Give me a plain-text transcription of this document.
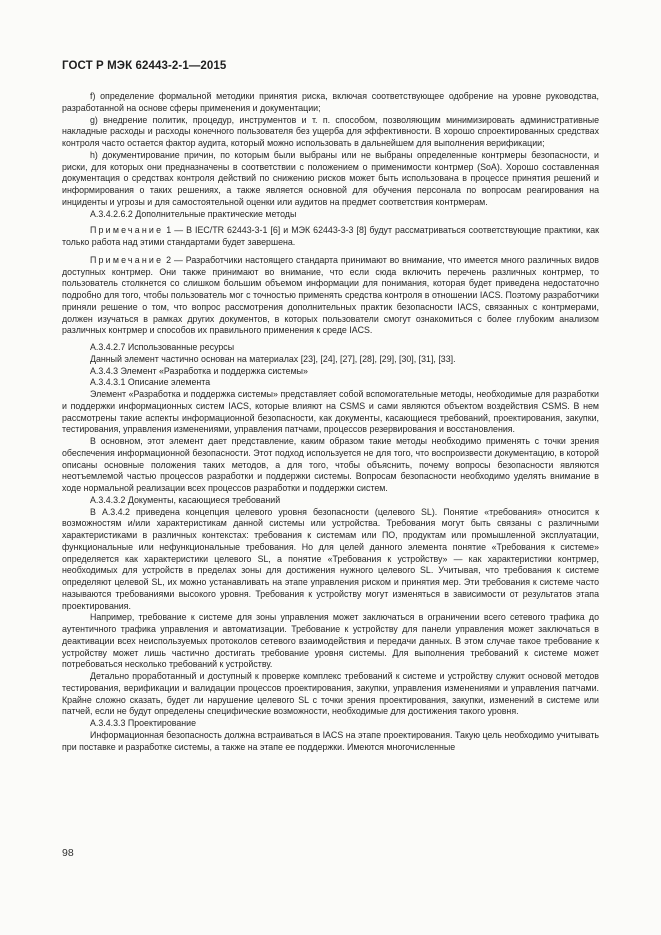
ГОСТ Р МЭК 62443-2-1—2015

f) определение формальной методики принятия риска, включая соответствующее одобрение на уровне руководства, разработанной на основе сферы применения и документации;

g) внедрение политик, процедур, инструментов и т. п. способом, позволяющим минимизировать административные накладные расходы и расходы конечного пользователя без ущерба для эффективности. В хорошо спроектированных средствах контроля часто остается фактор аудита, который можно использовать в дальнейшем для выполнения верификации;

h) документирование причин, по которым были выбраны или не выбраны определенные контрмеры безопасности, и риски, для которых они предназначены в соответствии с положением о применимости контрмер (SoA). Хорошо составленная документация о средствах контроля действий по снижению рисков может быть использована в процессе принятия решений и информирования о таких решениях, а также является основной для обучения персонала по вопросам реагирования на инциденты и угрозы и для самостоятельной оценки или аудитов на предмет соответствия контрмерам.

A.3.4.2.6.2 Дополнительные практические методы

Примечание 1 — В IEC/TR 62443-3-1 [6] и МЭК 62443-3-3 [8] будут рассматриваться соответствующие практики, как только работа над этими стандартами будет завершена.

Примечание 2 — Разработчики настоящего стандарта принимают во внимание, что имеется много различных видов доступных контрмер. Они также принимают во внимание, что если сюда включить перечень различных контрмер, то пользователь столкнется со слишком большим объемом информации для понимания, которая будет приведена недостаточно подробно для того, чтобы пользователь мог с точностью применять средства контроля в отношении IACS. Поэтому разработчики приняли решение о том, что вопрос рассмотрения дополнительных практик безопасности IACS, связанных с контрмерами, должен изучаться в рамках других документов, в которых пользователи смогут ознакомиться с более глубоким анализом различных контрмер и способов их правильного применения к среде IACS.

A.3.4.2.7 Использованные ресурсы

Данный элемент частично основан на материалах [23], [24], [27], [28], [29], [30], [31], [33].

A.3.4.3 Элемент «Разработка и поддержка системы»

A.3.4.3.1 Описание элемента

Элемент «Разработка и поддержка системы» представляет собой вспомогательные методы, необходимые для разработки и поддержки информационных систем IACS, которые влияют на CSMS и сами являются объектом воздействия CSMS. В нем рассмотрены такие аспекты информационной безопасности, как документы, касающиеся требований, проектирования, закупки, тестирования, управления изменениями, управления патчами, процессов резервирования и восстановления.

В основном, этот элемент дает представление, каким образом такие методы необходимо применять с точки зрения обеспечения информационной безопасности. Этот подход используется не для того, что воспроизвести документацию, в которой описаны основные положения таких методов, а для того, чтобы объяснить, почему вопросы безопасности являются неотъемлемой частью процессов разработки и поддержки системы. Вопросам безопасности необходимо уделять внимание в ходе нормальной реализации всех процессов разработки и поддержки систем.

A.3.4.3.2 Документы, касающиеся требований

В А.3.4.2 приведена концепция целевого уровня безопасности (целевого SL). Понятие «требования» относится к возможностям и/или характеристикам данной системы или устройства. Требования могут быть связаны с различными характеристиками в различных контекстах: требования к системам или ПО, продуктам или промышленной эксплуатации, функциональные или нефункциональные требования. Но для целей данного элемента понятие «Требования к системе» определяется как характеристики целевого SL, а понятие «Требования к устройству» — как характеристики контрмер, необходимых для устройств в пределах зоны для достижения нужного целевого SL. Учитывая, что требования к системе определяют целевой SL, их можно устанавливать на этапе управления риском и принятия мер. Эти требования к системе часто называются требованиями высокого уровня. Требования к устройству могут изменяться в зависимости от результатов этапа проектирования.

Например, требование к системе для зоны управления может заключаться в ограничении всего сетевого трафика до аутентичного трафика управления и автоматизации. Требование к устройству для панели управления может заключаться в деактивации всех неиспользуемых протоколов сетевого взаимодействия и передачи данных. В этом случае такое требование к устройству может лишь частично достигать требование уровня системы. Для выполнения требований к системе может потребоваться несколько требований к устройству.

Детально проработанный и доступный к проверке комплекс требований к системе и устройству служит основой методов тестирования, верификации и валидации процессов проектирования, закупки, управления изменениями и управления патчами. Крайне сложно сказать, будет ли нарушение целевого SL с точки зрения проектирования, закупки, изменений в системе или патчей, если не будут определены специфические возможности, необходимые для достижения такого уровня.

A.3.4.3.3 Проектирование

Информационная безопасность должна встраиваться в IACS на этапе проектирования. Такую цель необходимо учитывать при поставке и разработке системы, а также на этапе ее поддержки. Имеются многочисленные

98
